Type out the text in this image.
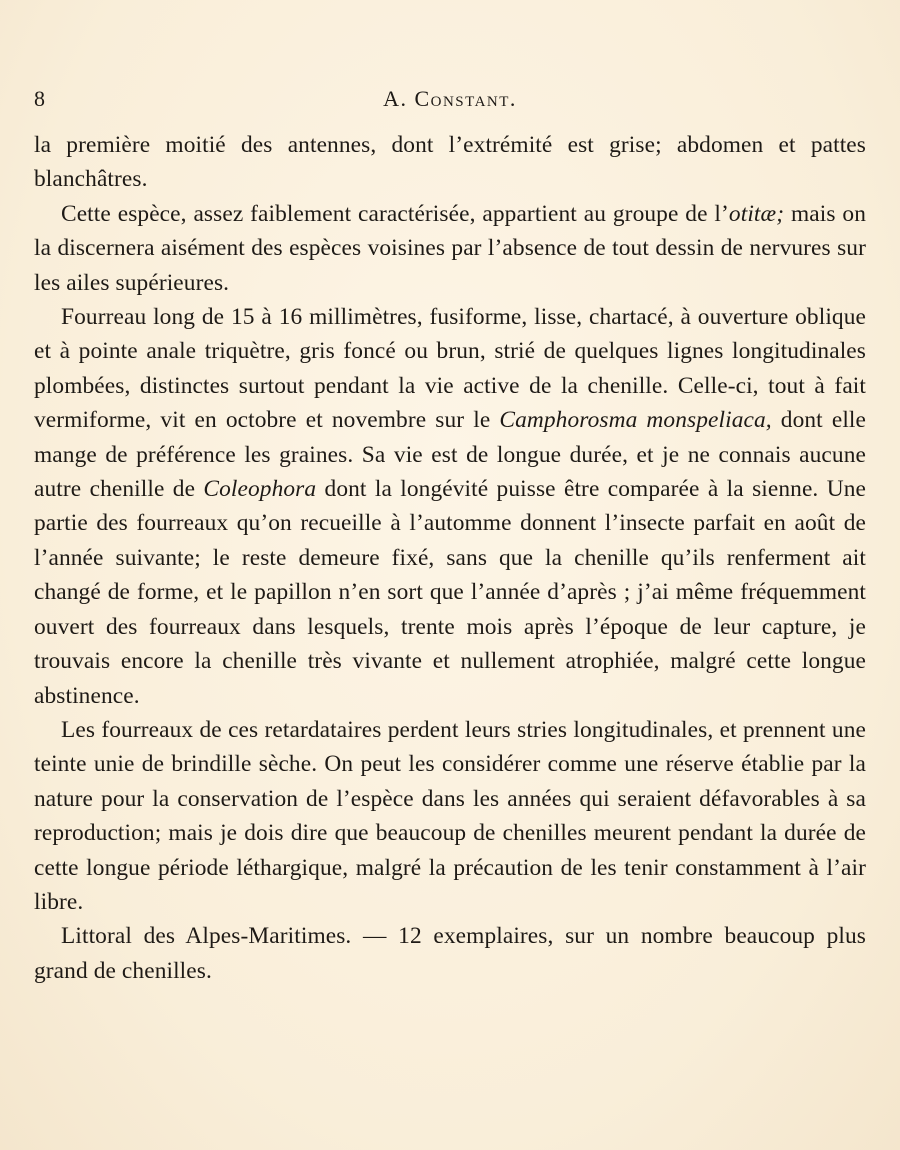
8	A. Constant.

la première moitié des antennes, dont l’extrémité est grise; abdomen et pattes blanchâtres.

Cette espèce, assez faiblement caractérisée, appartient au groupe de l’otitæ; mais on la discernera aisément des espèces voisines par l’absence de tout dessin de nervures sur les ailes supérieures.

Fourreau long de 15 à 16 millimètres, fusiforme, lisse, chartacé, à ouverture oblique et à pointe anale triquètre, gris foncé ou brun, strié de quelques lignes longitudinales plombées, distinctes surtout pendant la vie active de la chenille. Celle-ci, tout à fait vermiforme, vit en octobre et novembre sur le Camphorosma monspeliaca, dont elle mange de préférence les graines. Sa vie est de longue durée, et je ne connais aucune autre chenille de Coleophora dont la longévité puisse être comparée à la sienne. Une partie des fourreaux qu’on recueille à l’automme donnent l’insecte parfait en août de l’année suivante; le reste demeure fixé, sans que la chenille qu’ils renferment ait changé de forme, et le papillon n’en sort que l’année d’après ; j’ai même fréquemment ouvert des fourreaux dans lesquels, trente mois après l’époque de leur capture, je trouvais encore la chenille très vivante et nullement atrophiée, malgré cette longue abstinence.

Les fourreaux de ces retardataires perdent leurs stries longitudinales, et prennent une teinte unie de brindille sèche. On peut les considérer comme une réserve établie par la nature pour la conservation de l’espèce dans les années qui seraient défavorables à sa reproduction; mais je dois dire que beaucoup de chenilles meurent pendant la durée de cette longue période léthargique, malgré la précaution de les tenir constamment à l’air libre.

Littoral des Alpes-Maritimes. — 12 exemplaires, sur un nombre beaucoup plus grand de chenilles.
